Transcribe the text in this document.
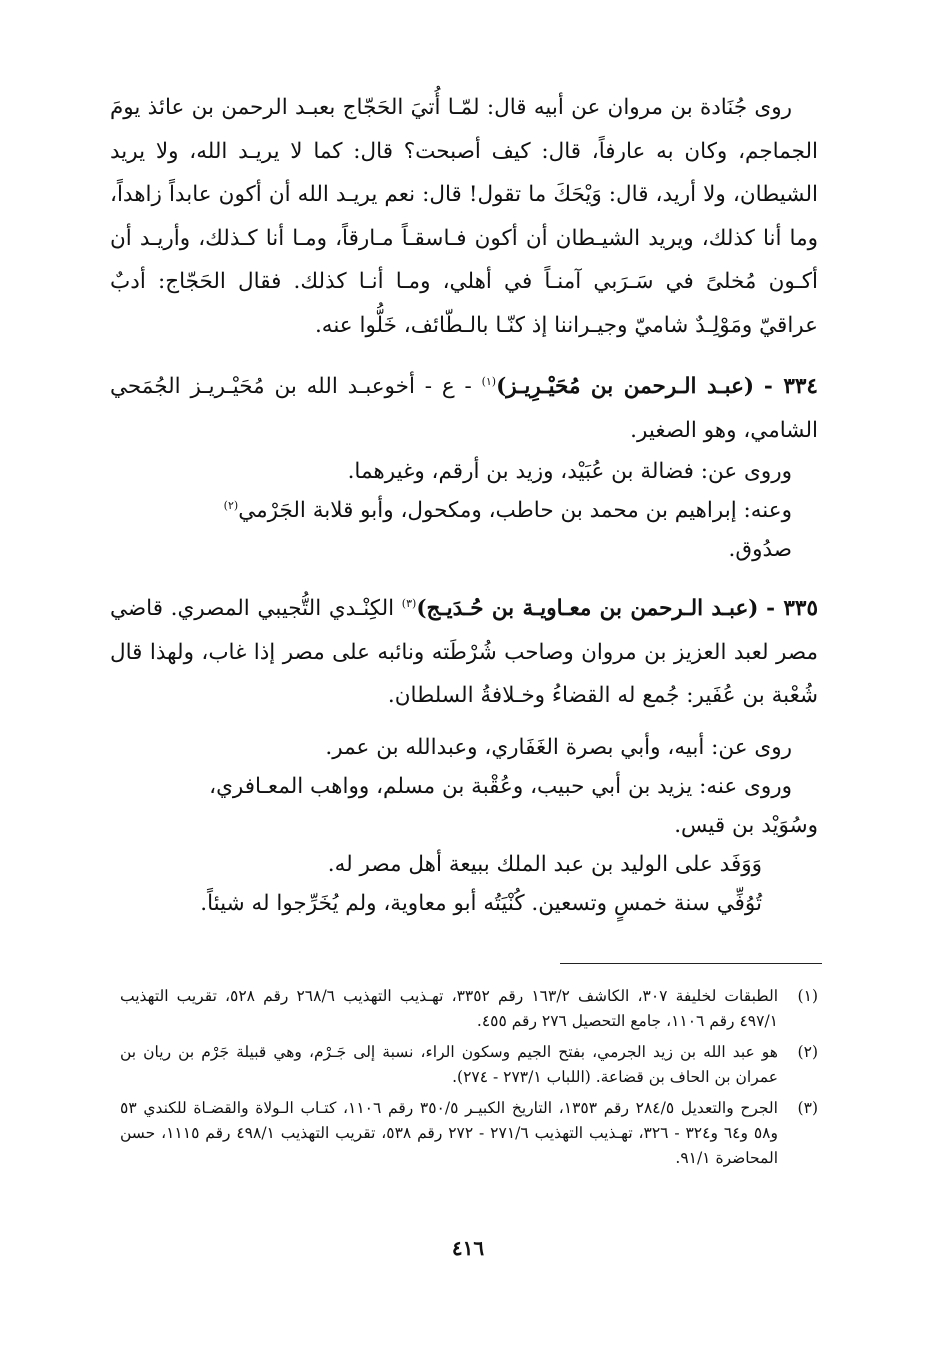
روى جُنَادة بن مروان عن أبيه قال: لمّـا أُتيَ الحَجّاج بعبـد الرحمن بن عائذ يومَ الجماجم، وكان به عارفاً، قال: كيف أصبحت؟ قال: كما لا يريـد الله، ولا يريد الشيطان، ولا أريد، قال: وَيْحَكَ ما تقول! قال: نعم يريـد الله أن أكون عابداً زاهداً، وما أنا كذلك، ويريد الشيـطان أن أكون فـاسقـاً مـارقاً، ومـا أنا كـذلك، وأريـد أن أكـون مُخلىً في سَـرَبي آمنـاً في أهلي، ومـا أنـا كذلك. فقال الحَجّاج: أدبٌ عراقيّ ومَوْلِـدٌ شاميّ وجيـراننا إذ كنّـا بالـطّائف، خَلُّوا عنه.

٣٣٤ - (عبـد الـرحمن بن مُحَيْـرِيـز)$^{(١)}$ - ع - أخوعبـد الله بن مُحَيْـريـز الجُمَحي الشامي، وهو الصغير.

وروى عن: فضالة بن عُبَيْد، وزيد بن أرقم، وغيرهما.

وعنه: إبراهيم بن محمد بن حاطب، ومكحول، وأبو قلابة الجَرْمي$^{(٢)}$

صدُوق.

٣٣٥ - (عبـد الـرحمن بن معـاويـة بن حُـدَيـج)$^{(٣)}$ الكِنْـدي التُّجيبي المصري. قاضي مصر لعبد العزيز بن مروان وصاحب شُرْطَته ونائبه على مصر إذا غاب، ولهذا قال شُعْبة بن عُفَير: جُمع له القضاءُ وخـلافةُ السلطان.

روى عن: أبيه، وأبي بصرة الغَفَاري، وعبدالله بن عمر.

وروى عنه: يزيد بن أبي حبيب، وعُقْبة بن مسلم، وواهب المعـافري،

وسُوَيْد بن قيس.

وَوَفَد على الوليد بن عبد الملك ببيعة أهل مصر له.

تُوُفِّي سنة خمسٍ وتسعين. كُنْيَتُه أبو معاوية، ولم يُخَرِّجوا له شيئاً.

(١)
الطبقات لخليفة ٣٠٧، الكاشف ١٦٣/٢ رقم ٣٣٥٢، تهـذيب التهذيب ٢٦٨/٦ رقم ٥٢٨، تقريب التهذيب ٤٩٧/١ رقم ١١٠٦، جامع التحصيل ٢٧٦ رقم ٤٥٥.
(٢)
هو عبد الله بن زيد الجرمي، بفتح الجيم وسكون الراء، نسبة إلى جَـرْم، وهي قبيلة جَرْم بن ريان بن عمران بن الحاف بن قضاعة. (اللباب ٢٧٣/١ - ٢٧٤).
(٣)
الجرح والتعديل ٢٨٤/٥ رقم ١٣٥٣، التاريخ الكبيـر ٣٥٠/٥ رقم ١١٠٦، كتـاب الـولاة والقضـاة للكندي ٥٣ و٥٨ و٦٤ و٣٢٤ - ٣٢٦، تهـذيب التهذيب ٢٧١/٦ - ٢٧٢ رقم ٥٣٨، تقريب التهذيب ٤٩٨/١ رقم ١١١٥، حسن المحاضرة ٩١/١.
٤١٦
